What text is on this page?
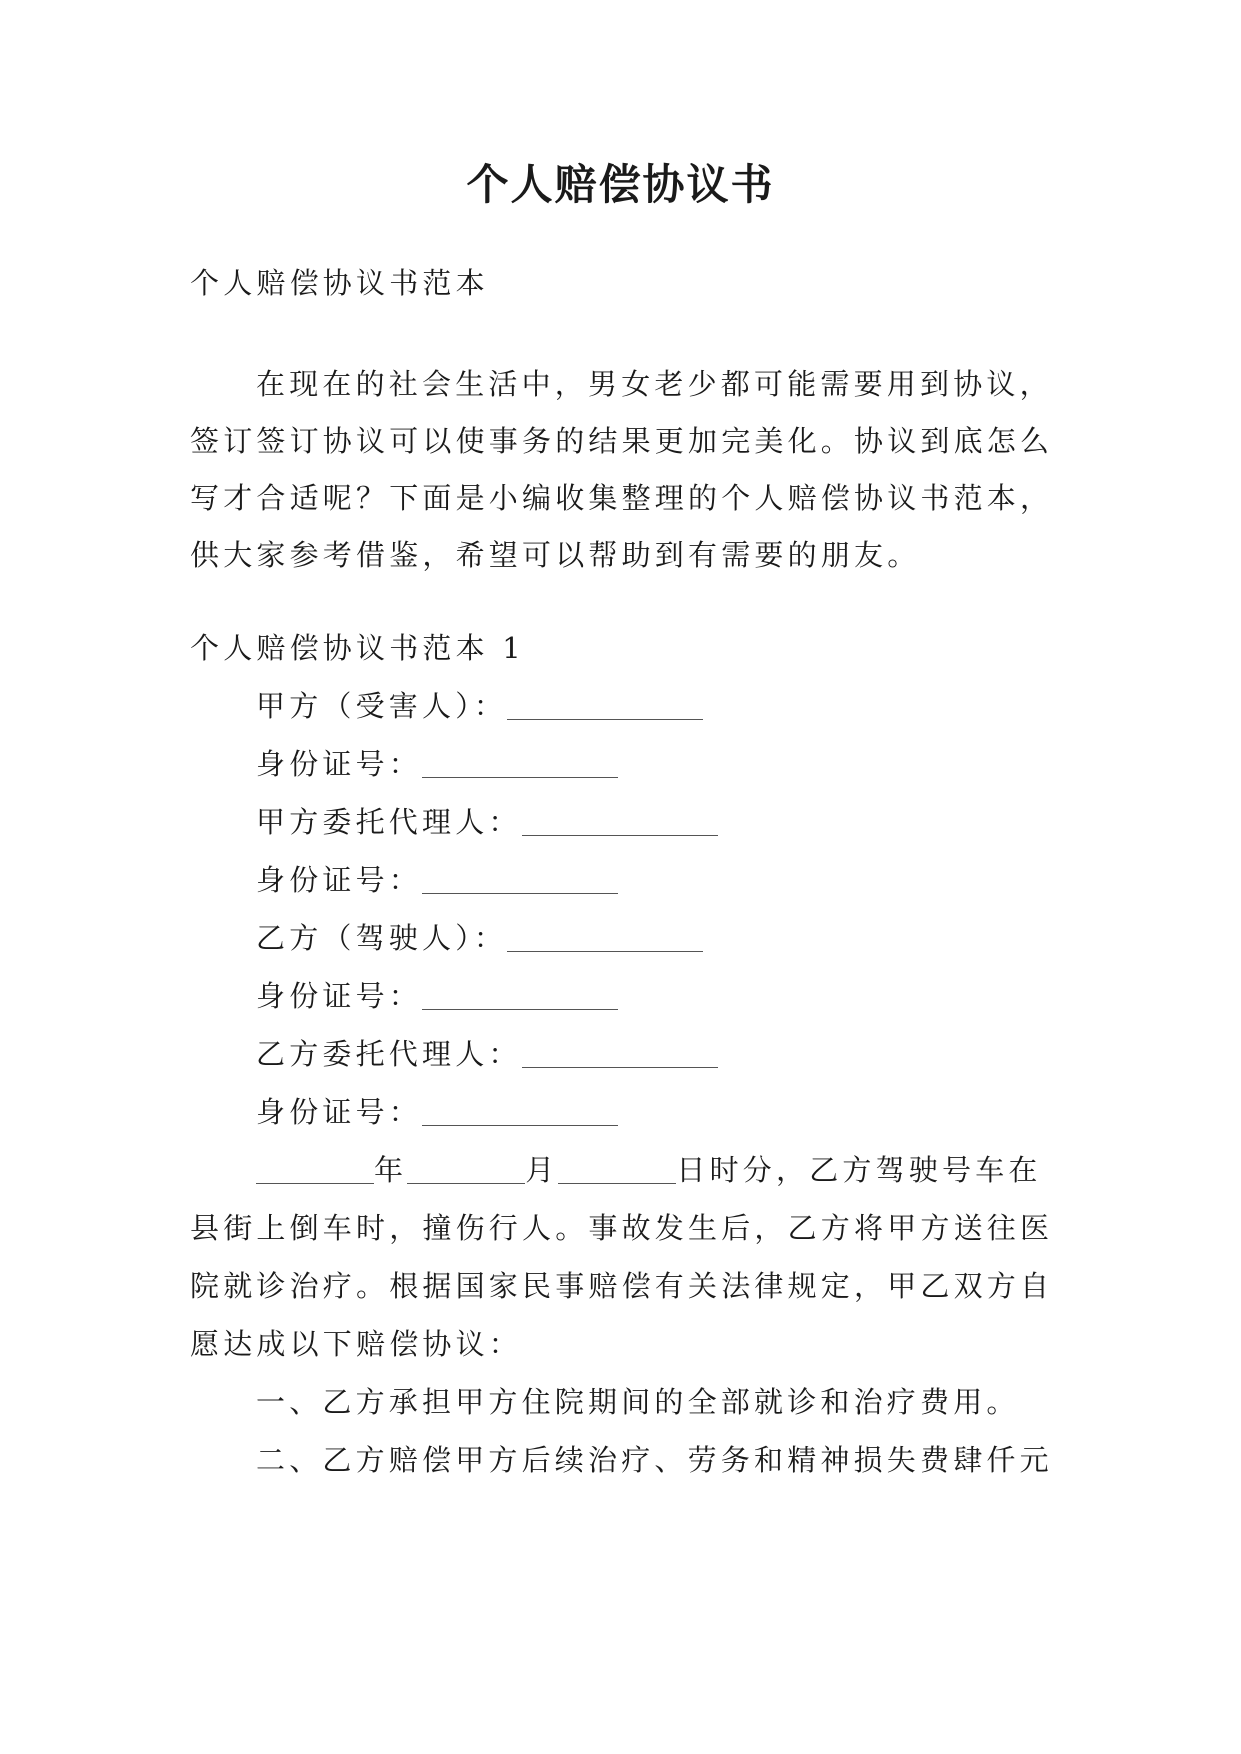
个人赔偿协议书
个人赔偿协议书范本
在现在的社会生活中，男女老少都可能需要用到协议，
签订签订协议可以使事务的结果更加完美化。协议到底怎么
写才合适呢？下面是小编收集整理的个人赔偿协议书范本，
供大家参考借鉴，希望可以帮助到有需要的朋友。
个人赔偿协议书范本 1
甲方（受害人）：
身份证号：
甲方委托代理人：
身份证号：
乙方（驾驶人）：
身份证号：
乙方委托代理人：
身份证号：
年	月	日时分，乙方驾驶号车在
县街上倒车时，撞伤行人。事故发生后，乙方将甲方送往医
院就诊治疗。根据国家民事赔偿有关法律规定，甲乙双方自
愿达成以下赔偿协议：
一、乙方承担甲方住院期间的全部就诊和治疗费用。
二、乙方赔偿甲方后续治疗、劳务和精神损失费肆仟元
